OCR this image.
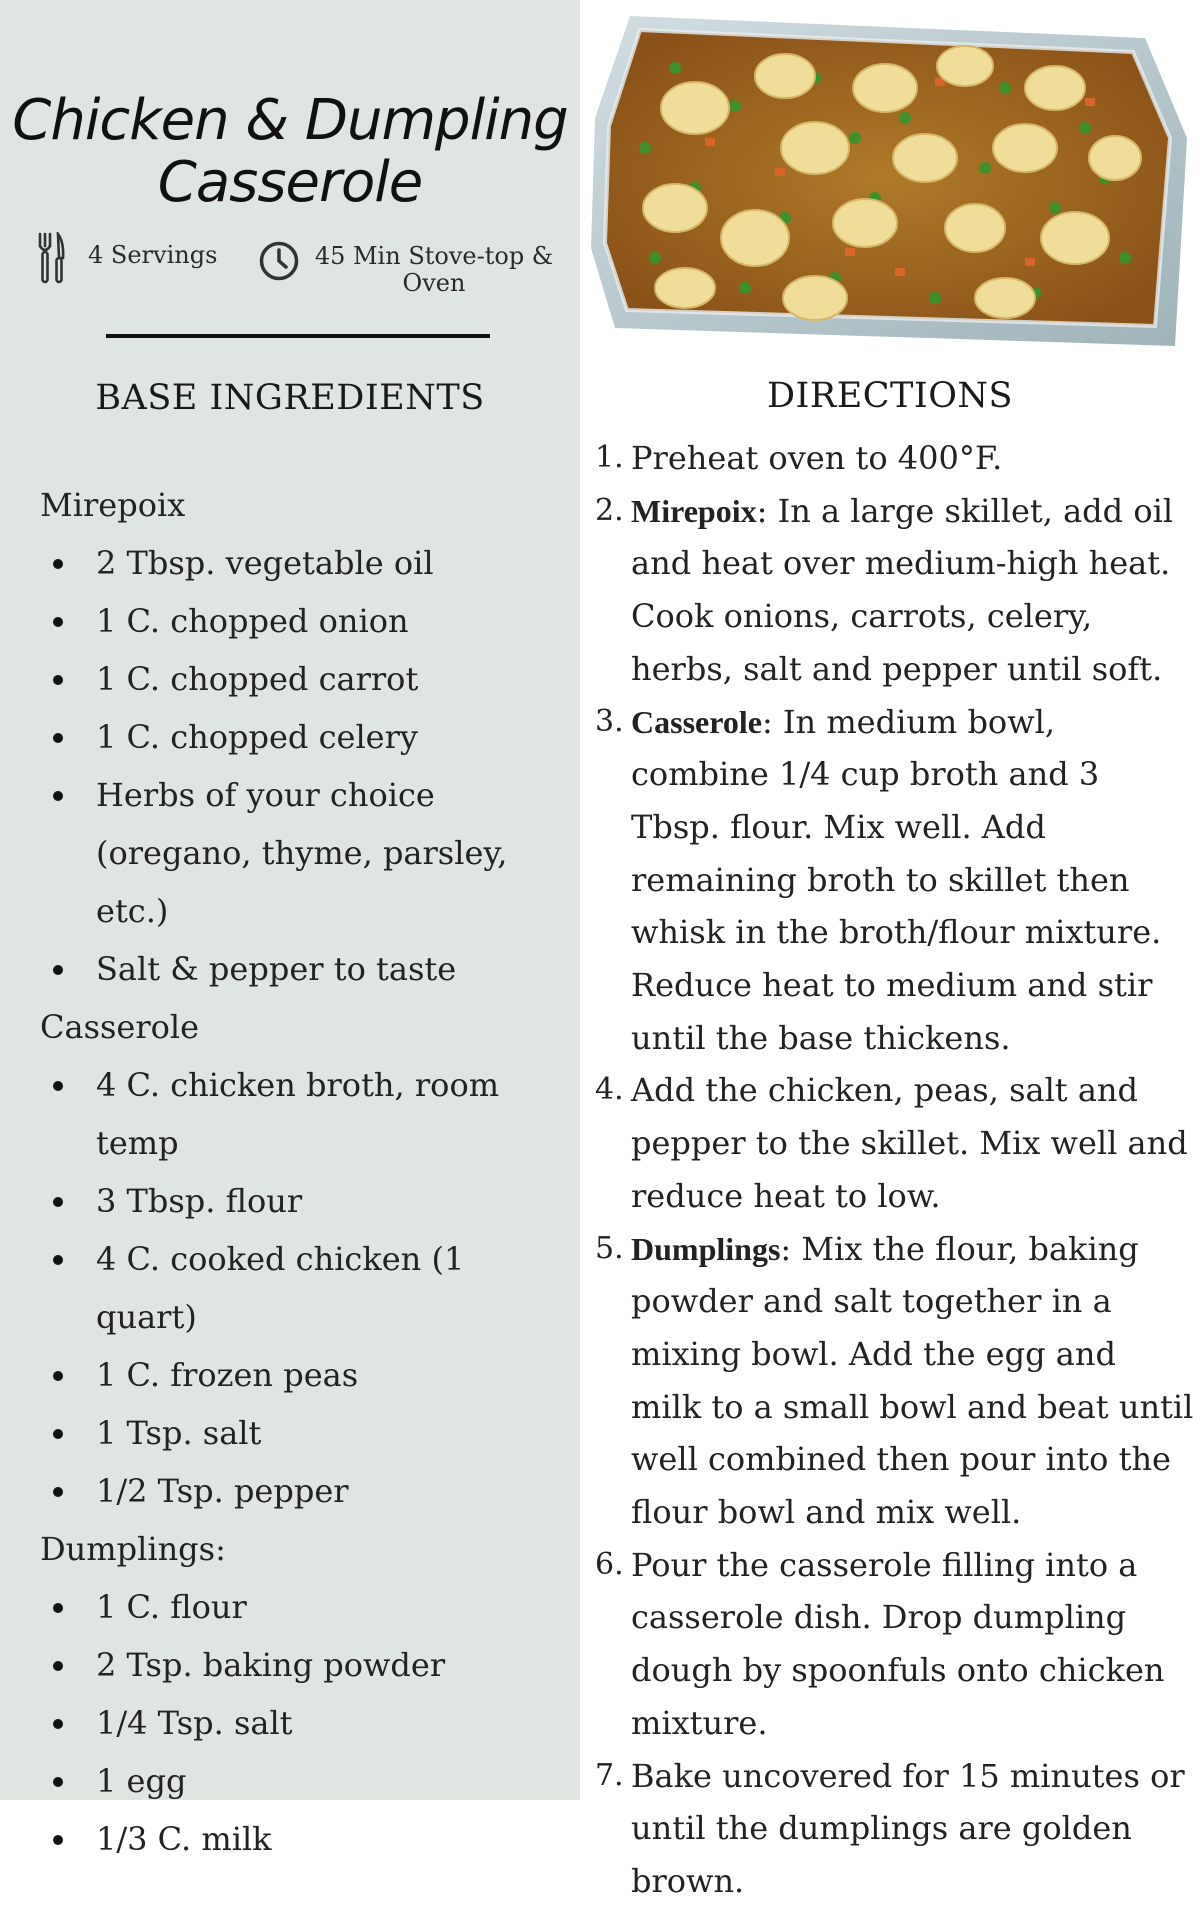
Chicken & Dumpling
Casserole
4 Servings	45 Min Stove-top &
Oven
BASE INGREDIENTS
Mirepoix
2 Tbsp. vegetable oil
1 C. chopped onion
1 C. chopped carrot
1 C. chopped celery
Herbs of your choice (oregano, thyme, parsley, etc.)
Salt & pepper to taste
Casserole
4 C. chicken broth, room temp
3 Tbsp. flour
4 C. cooked chicken (1 quart)
1 C. frozen peas
1 Tsp. salt
1/2 Tsp. pepper
Dumplings:
1 C. flour
2 Tsp. baking powder
1/4 Tsp. salt
1 egg
1/3 C. milk
DIRECTIONS
1. Preheat oven to 400°F.
2. Mirepoix: In a large skillet, add oil and heat over medium-high heat. Cook onions, carrots, celery, herbs, salt and pepper until soft.
3. Casserole: In medium bowl, combine 1/4 cup broth and 3 Tbsp. flour. Mix well. Add remaining broth to skillet then whisk in the broth/flour mixture. Reduce heat to medium and stir until the base thickens.
4. Add the chicken, peas, salt and pepper to the skillet. Mix well and reduce heat to low.
5. Dumplings: Mix the flour, baking powder and salt together in a mixing bowl. Add the egg and milk to a small bowl and beat until well combined then pour into the flour bowl and mix well.
6. Pour the casserole filling into a casserole dish. Drop dumpling dough by spoonfuls onto chicken mixture.
7. Bake uncovered for 15 minutes or until the dumplings are golden brown.
